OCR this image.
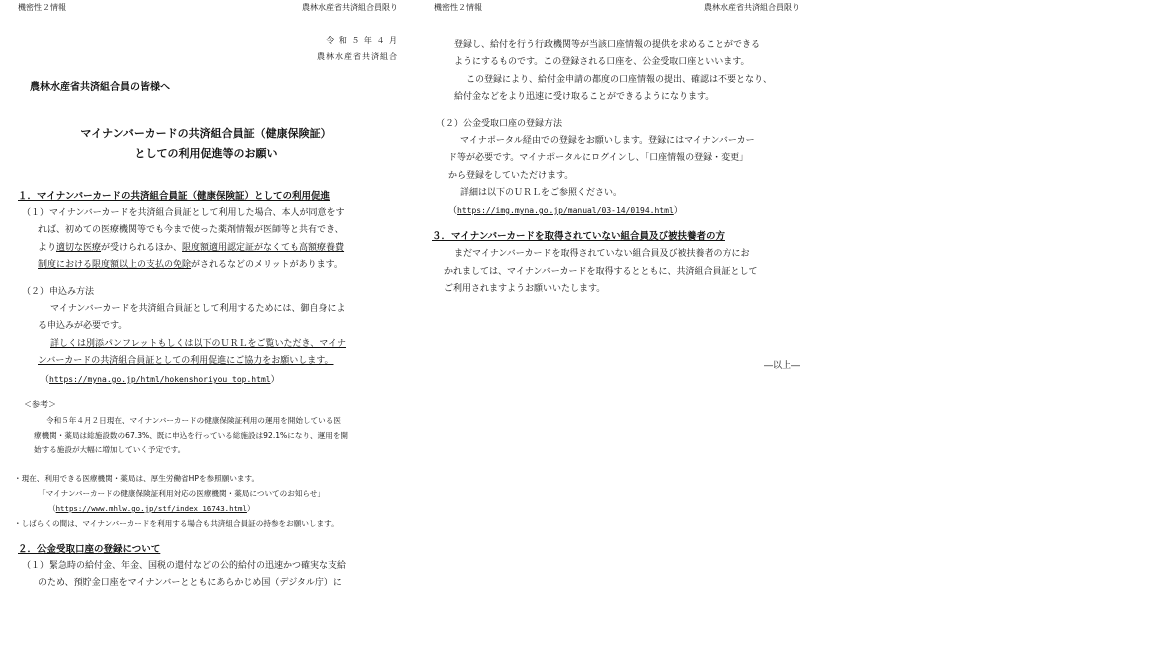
機密性２情報	農林水産省共済組合員限り
令 和 ５ 年 ４ 月
農林水産省共済組合
農林水産省共済組合員の皆様へ
マイナンバーカードの共済組合員証（健康保険証）
としての利用促進等のお願い
１．マイナンバーカードの共済組合員証（健康保険証）としての利用促進
（１）マイナンバーカードを共済組合員証として利用した場合、本人が同意をす
れば、初めての医療機関等でも今まで使った薬剤情報が医師等と共有でき、
より適切な医療が受けられるほか、限度額適用認定証がなくても高額療養費
制度における限度額以上の支払の免除がされるなどのメリットがあります。
（２）申込み方法
マイナンバーカードを共済組合員証として利用するためには、御自身によ
る申込みが必要です。
詳しくは別添パンフレットもしくは以下のＵＲＬをご覧いただき、マイナ
ンバーカードの共済組合員証としての利用促進にご協力をお願いします。
（https://myna.go.jp/html/hokenshoriyou_top.html）
＜参考＞
令和５年４月２日現在、マイナンバーカードの健康保険証利用の運用を開始している医
療機関・薬局は総施設数の67.3%、既に申込を行っている総施設は92.1%になり、運用を開
始する施設が大幅に増加していく予定です。
・現在、利用できる医療機関・薬局は、厚生労働省HPを参照願います。
「マイナンバーカードの健康保険証利用対応の医療機関・薬局についてのお知らせ」
（https://www.mhlw.go.jp/stf/index_16743.html）
・しばらくの間は、マイナンバーカードを利用する場合も共済組合員証の持参をお願いします。
２．公金受取口座の登録について
（１）緊急時の給付金、年金、国税の還付などの公的給付の迅速かつ確実な支給
のため、預貯金口座をマイナンバーとともにあらかじめ国（デジタル庁）に
機密性２情報	農林水産省共済組合員限り
登録し、給付を行う行政機関等が当該口座情報の提供を求めることができる
ようにするものです。この登録される口座を、公金受取口座といいます。
この登録により、給付金申請の都度の口座情報の提出、確認は不要となり、
給付金などをより迅速に受け取ることができるようになります。
（２）公金受取口座の登録方法
マイナポータル経由での登録をお願いします。登録にはマイナンバーカー
ド等が必要です。マイナポータルにログインし、「口座情報の登録・変更」
から登録をしていただけます。
詳細は以下のＵＲＬをご参照ください。
（https://img.myna.go.jp/manual/03-14/0194.html）
３．マイナンバーカードを取得されていない組合員及び被扶養者の方
まだマイナンバーカードを取得されていない組合員及び被扶養者の方にお
かれましては、マイナンバーカードを取得するとともに、共済組合員証として
ご利用されますようお願いいたします。
―以上―
